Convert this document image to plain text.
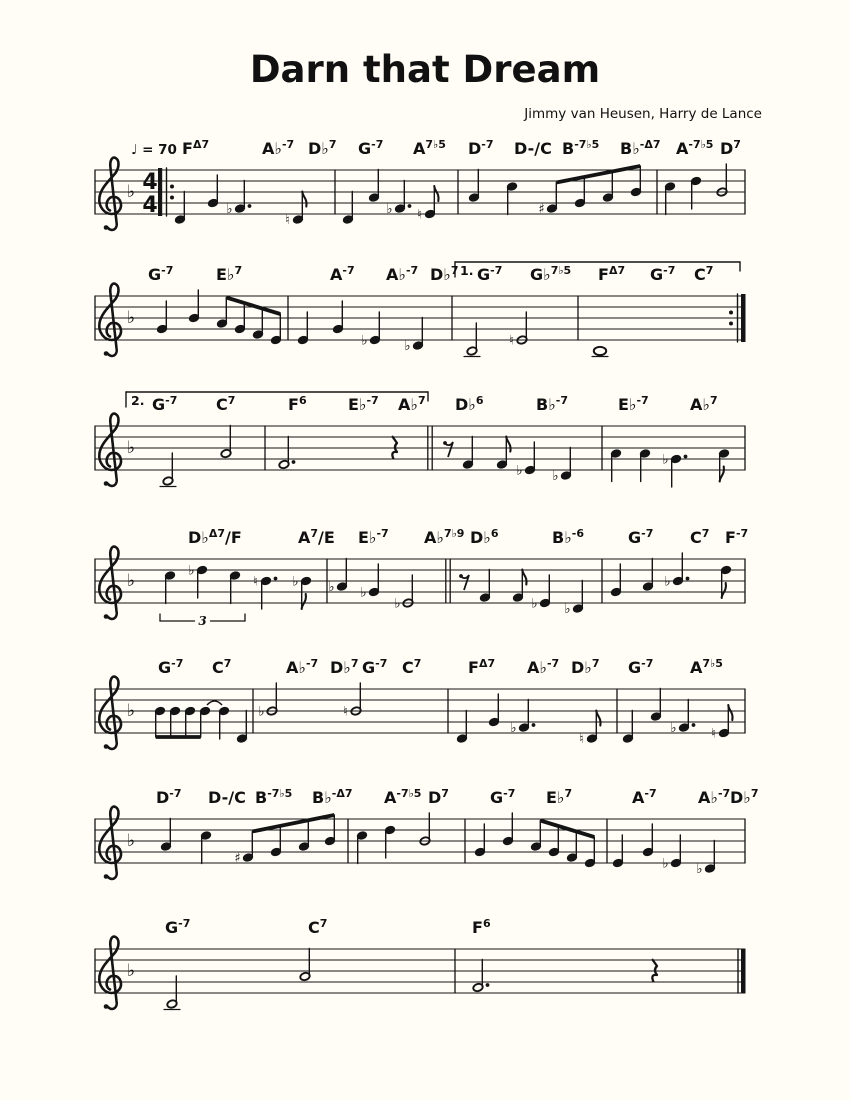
Darn that Dream
Jimmy van Heusen, Harry de Lance
♭ 4
4
♩ = 70 $F^{\Delta 7}$	A♭$^{-7}$ D♭$^7$ $G^{-7}$ $A^{7♭5}$ $D^{-7}$ D-/C $B^{-7♭5}$ B♭$^{-\Delta 7}$ $A^{-7♭5}$ $D^7$
♭
♮
♭ ♮	♯
♭
1.
$G^{-7}$	E♭$^7$	$A^{-7}$ A♭$^{-7}$ D♭$^7$ $G^{-7}$ G♭$^{7♭5}$ $F^{\Delta 7}$ $G^{-7}$ $C^7$
♭	♭	♮
♭
2. $G^{-7}$ $C^7$	$F^6$	E♭$^{-7}$ A♭$^7$ D♭$^6$	B♭$^{-7}$	E♭$^{-7}$	A♭$^7$
♭ ♭
♭
♭
D♭$^{\Delta 7}$/F	$A^7/E$ E♭$^{-7}$ A♭$^{7♭9}$ D♭$^6$	B♭$^{-6}$	$G^{-7}$ $C^7$ $F^{-7}$
♭
♮	♭ ♭ ♭
♭	♭ ♭
♭
3
♭
$G^{-7}$ $C^7$	A♭$^{-7}$ D♭$^7$ $G^{-7}$ $C^7$	$F^{\Delta 7}$ A♭$^{-7}$ D♭$^7$ $G^{-7}$ $A^{7♭5}$
♭	♮
♭
♮
♭	♮
♭
$D^{-7}$ D-/C $B^{-7♭5}$ B♭$^{-\Delta 7}$ $A^{-7♭5}$ $D^7$	$G^{-7}$ E♭$^7$	$A^{-7}$	A♭$^{-7}$ D♭$^7$
♯	♭ ♭
♭
$G^{-7}$	$C^7$	$F^6$
